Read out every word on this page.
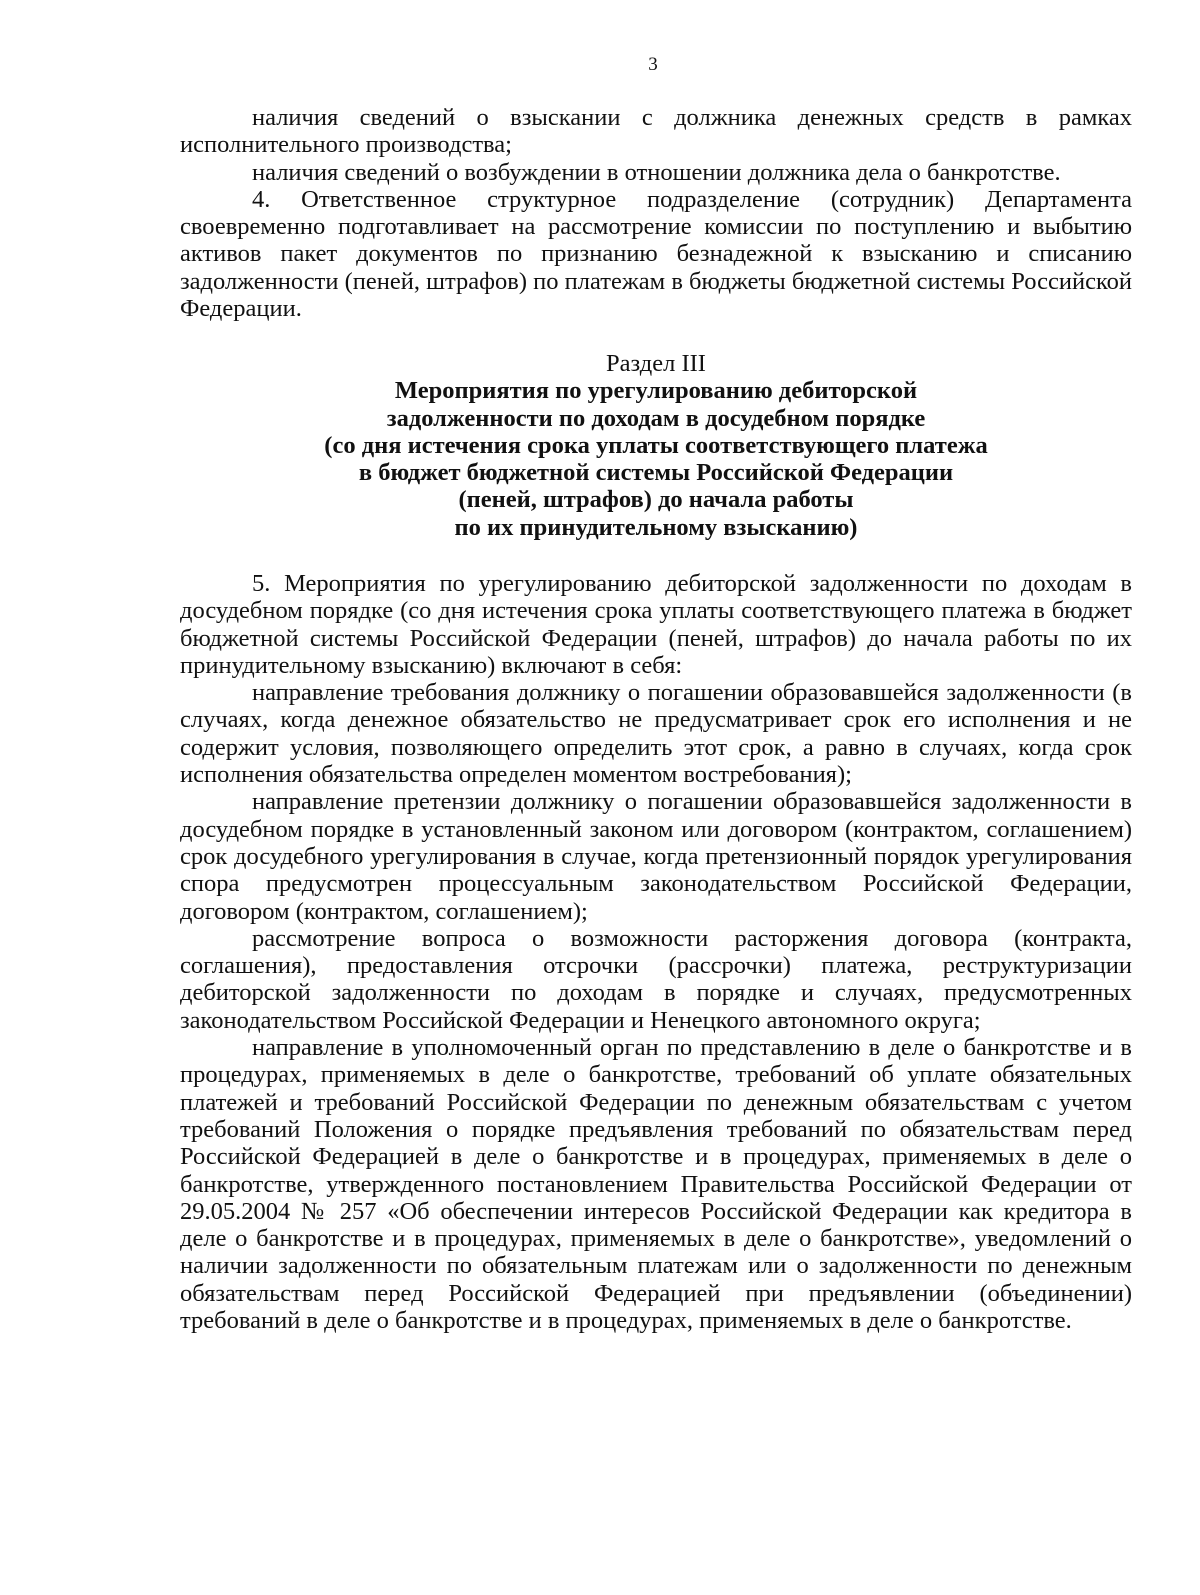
3

наличия сведений о взыскании с должника денежных средств в рамках исполнительного производства;

наличия сведений о возбуждении в отношении должника дела о банкротстве.

4. Ответственное структурное подразделение (сотрудник) Департамента своевременно подготавливает на рассмотрение комиссии по поступлению и выбытию активов пакет документов по признанию безнадежной к взысканию и списанию задолженности (пеней, штрафов) по платежам в бюджеты бюджетной системы Российской Федерации.

Раздел III

Мероприятия по урегулированию дебиторской
задолженности по доходам в досудебном порядке
(со дня истечения срока уплаты соответствующего платежа
в бюджет бюджетной системы Российской Федерации
(пеней, штрафов) до начала работы
по их принудительному взысканию)

5. Мероприятия по урегулированию дебиторской задолженности по доходам в досудебном порядке (со дня истечения срока уплаты соответствующего платежа в бюджет бюджетной системы Российской Федерации (пеней, штрафов) до начала работы по их принудительному взысканию) включают в себя:

направление требования должнику о погашении образовавшейся задолженности (в случаях, когда денежное обязательство не предусматривает срок его исполнения и не содержит условия, позволяющего определить этот срок, а равно в случаях, когда срок исполнения обязательства определен моментом востребования);

направление претензии должнику о погашении образовавшейся задолженности в досудебном порядке в установленный законом или договором (контрактом, соглашением) срок досудебного урегулирования в случае, когда претензионный порядок урегулирования спора предусмотрен процессуальным законодательством Российской Федерации, договором (контрактом, соглашением);

рассмотрение вопроса о возможности расторжения договора (контракта, соглашения), предоставления отсрочки (рассрочки) платежа, реструктуризации дебиторской задолженности по доходам в порядке и случаях, предусмотренных законодательством Российской Федерации и Ненецкого автономного округа;

направление в уполномоченный орган по представлению в деле о банкротстве и в процедурах, применяемых в деле о банкротстве, требований об уплате обязательных платежей и требований Российской Федерации по денежным обязательствам с учетом требований Положения о порядке предъявления требований по обязательствам перед Российской Федерацией в деле о банкротстве и в процедурах, применяемых в деле о банкротстве, утвержденного постановлением Правительства Российской Федерации от 29.05.2004 № 257 «Об обеспечении интересов Российской Федерации как кредитора в деле о банкротстве и в процедурах, применяемых в деле о банкротстве», уведомлений о наличии задолженности по обязательным платежам или о задолженности по денежным обязательствам перед Российской Федерацией при предъявлении (объединении) требований в деле о банкротстве и в процедурах, применяемых в деле о банкротстве.
